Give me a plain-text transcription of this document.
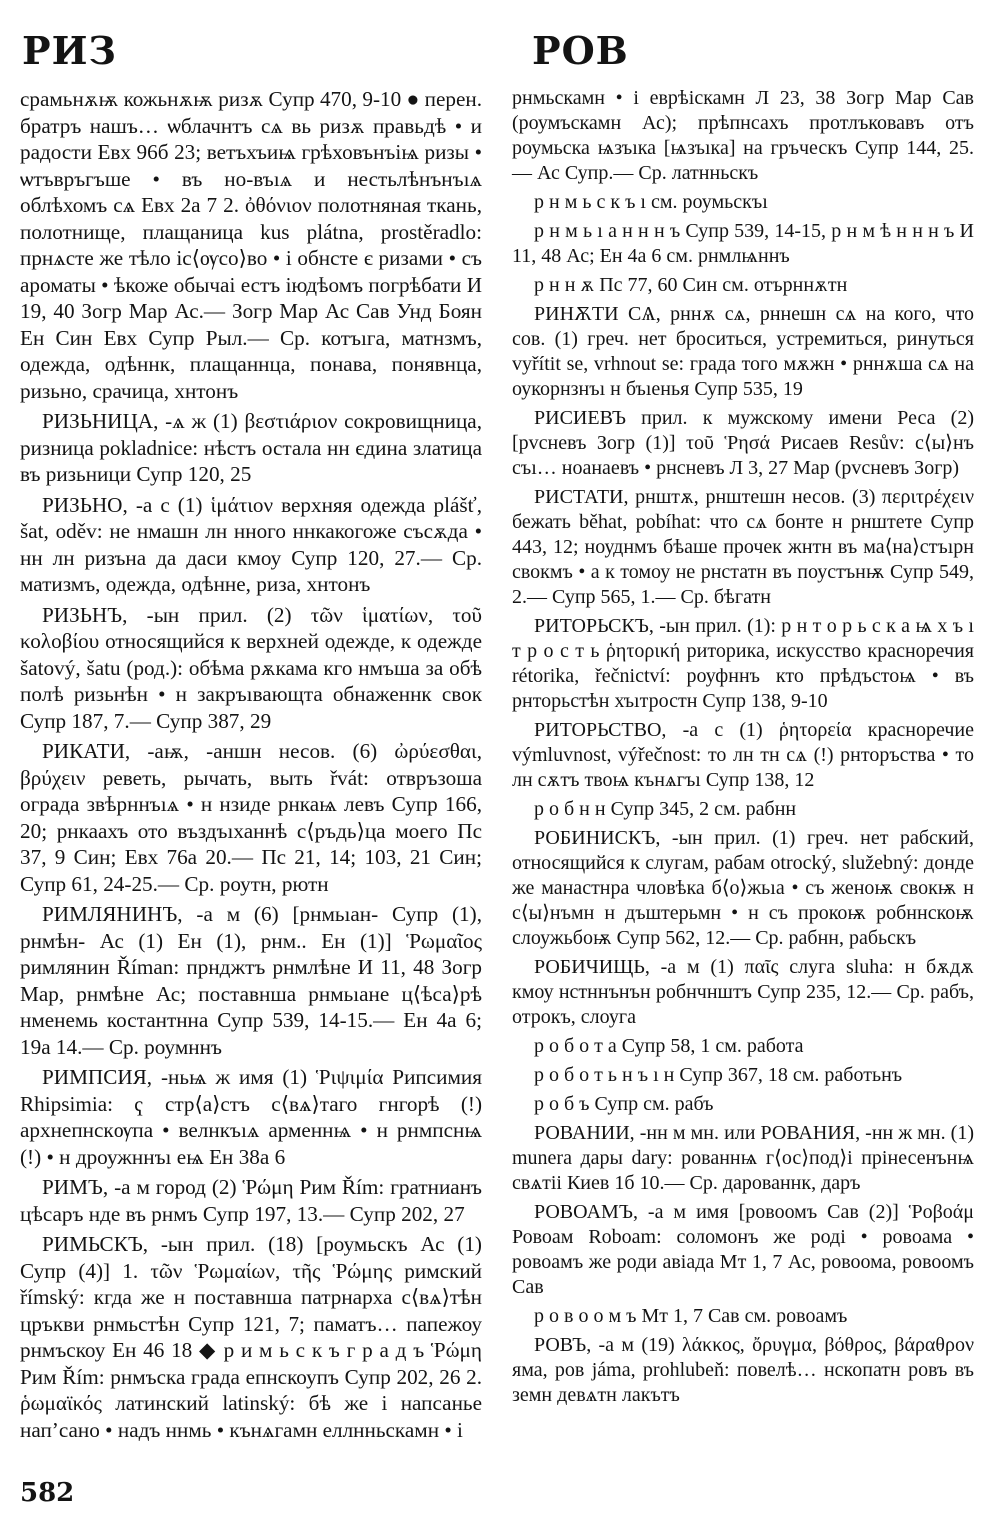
РИЗ	РОВ

срамьнѫѭ кожьнѫѭ ризѫ Супр 470, 9-10 ● перен. братръ нашъ… ѡблачнтъ сѧ вь ризѫ правьдѣ • и радости Евх 96б 23; ветъхъиѩ грѣховънъіѩ ризы • ѡтъвръгъше • въ но-въıѧ и нестьлѣнънъıѧ облѣхомъ сѧ Евх 2а 7 2. ὀθόνιον полотняная ткань, полотнище, плащаница kus plátna, prostěradlo: прнѧсте же тѣло іс⟨ѹсо⟩во • і обнсте є ризами • съ ароматы • ѣкоже обычаі естъ іюдѣомъ погрѣбати И 19, 40 Зогр Мар Ас.— Зогр Мар Ас Сав Унд Боян Ен Син Евх Супр Рыл.— Ср. котъıга, матнзмъ, одежда, одѣннк, плащаннца, понава, понявнца, ризьно, срачица, хнтонъ

РИЗЬНИЦА, -ѧ ж (1) βεστιάριον сокровищница, ризница pokladnice: нѣстъ остала нн єдина златица въ ризьници Супр 120, 25

РИЗЬНО, -а с (1) ἱμάτιον верхняя одежда plášť, šat, oděv: не нмашн лн нного ннкакогоже съсѫда • нн лн ризъна да даси кмоу Супр 120, 27.— Ср. матизмъ, одежда, одѣнне, риза, хнтонъ

РИЗЬНЪ, -ын прил. (2) τῶν ἱματίων, τοῦ κολοβίου относящийся к верхней одежде, к одежде šatový, šatu (род.): обѣма рѫкама кго нмъша за обѣ полѣ ризьнѣн • н закръıвающта обнаженнк свок Супр 187, 7.— Супр 387, 29

РИКАТИ, -аѭ, -аншн несов. (6) ὠρύεσθαι, βρύχειν реветь, рычать, выть řvát: отвръзоша ограда звѣрннъıѧ • н нзиде рнкаѩ левъ Супр 166, 20; рнкаахъ ото въздъıханнѣ с⟨ръдь⟩ца моего Пс 37, 9 Син; Евх 76а 20.— Пс 21, 14; 103, 21 Син; Супр 61, 24-25.— Ср. роутн, рютн

РИМЛЯНИНЪ, -а м (6) [рнмьıан- Супр (1), рнмѣн- Ас (1) Ен (1), рнм.. Ен (1)] Ῥωμαῖος римлянин Říman: прнджтъ рнмлѣне И 11, 48 Зогр Мар, рнмѣне Ас; поставнша рнмьıане ц⟨ѣса⟩рѣ нменемь костантнна Супр 539, 14-15.— Ен 4а 6; 19а 14.— Ср. роумннъ

РИМПСИЯ, -ньѩ ж имя (1) Ῥιψιμία Рипсимия Rhipsimia: ҁ стр⟨а⟩стъ с⟨вѧ⟩таго гнгорѣ (!) архнепнскѹпа • велнкъıѧ арменнѩ • н рнмпснѩ (!) • н дроужннъı еѩ Ен 38а 6

РИМЪ, -а м город (2) Ῥώμη Рим Řím: гратнианъ цѣсаръ нде въ рнмъ Супр 197, 13.— Супр 202, 27

РИМЬСКЪ, -ын прил. (18) [роумьскъ Ас (1) Супр (4)] 1. τῶν Ῥωμαίων, τῆς Ῥώμης римский římský: кгда же н поставнша патрнарха с⟨вѧ⟩тѣн цръкви рнмьстѣн Супр 121, 7; паматъ… папежоу рнмъскоу Ен 46 18 ◆ р и м ь с к ъ г р а д ъ Ῥώμη Рим Řím: рнмъска града епнскоупъ Супр 202, 26 2. ῥωμαϊκός латинский latinský: бѣ же і напсанье нап’сано • надъ ннмь • кънѧгамн еллнньскамн • і

рнмьскамн • і еврѣіскамн Л 23, 38 Зогр Мар Сав (роумъскамн Ас); прѣпнсахъ протлъковавъ отъ роумьска ѩзъıка [ѩзъıка] на гръческъ Супр 144, 25.— Ас Супр.— Ср. латнньскъ

р н м ь с к ъ ı см. роумьскъı

р н м ь ı а н н н ъ Супр 539, 14-15, р н м ѣ н н н ъ И 11, 48 Ас; Ен 4а 6 см. рнмлѩннъ

р н н ѫ Пс 77, 60 Син см. отърннѫтн

РИНѪТИ СѦ, рннѫ сѧ, рннешн сѧ на кого, что сов. (1) греч. нет броситься, устремиться, ринуться vyřítit se, vrhnout se: града того мѫжн • рннѫша сѧ на оукорнзнъı н бъıенья Супр 535, 19

РИСИЕВЪ прил. к мужскому имени Реса (2) [рvсневъ Зогр (1)] τοῦ Ῥησά Рисаев Resův: с⟨ы⟩нъ съı… ноанаевъ • рнсневъ Л 3, 27 Мар (рvсневъ Зогр)

РИСТАТИ, рнштѫ, рнштешн несов. (3) περιτρέχειν бежать běhat, pobíhat: что сѧ бонте н рнштете Супр 443, 12; ноуднмъ бѣаше прочек жнтн въ ма⟨на⟩стъıрн свокмъ • а к томоу не рнстатн въ поустънѭ Супр 549, 2.— Супр 565, 1.— Ср. бѣгатн

РИТОРЬСКЪ, -ын прил. (1): р н т о р ь с к а ѩ х ъ ı т р о с т ь ῥητορική риторика, искусство красноречия rétorika, řečnictví: роуфннъ кто прѣдъстоѩ • въ рнторьстѣн хъıтростн Супр 138, 9-10

РИТОРЬСТВО, -а с (1) ῥητορεία красноречие výmluvnost, výřečnost: то лн тн сѧ (!) рнторъства • то лн сѫтъ твоѩ кънѧгъı Супр 138, 12

р о б н н Супр 345, 2 см. рабнн

РОБИНИСКЪ, -ын прил. (1) греч. нет рабский, относящийся к слугам, рабам otrocký, služebný: донде же манастнра чловѣка б⟨о⟩жьıа • съ женоѭ свокѭ н с⟨ы⟩нъмн н дъштерьмн • н съ прокоѭ робннскоѭ слоужьбоѭ Супр 562, 12.— Ср. рабнн, рабьскъ

РОБИЧИЩЬ, -а м (1) παῖς слуга sluha: н бѫдѫ кмоу нстннънън робнчнштъ Супр 235, 12.— Ср. рабъ, отрокъ, слоуга

р о б о т а Супр 58, 1 см. работа

р о б о т ь н ъ ı н Супр 367, 18 см. работьнъ

р о б ъ Супр см. рабъ

РОВАНИИ, -нн м мн. или РОВАНИЯ, -нн ж мн. (1) munera дары dary: рованнѩ г⟨ос⟩под⟩і прінесенънѩ свѧтіі Киев 1б 10.— Ср. дарованнк, даръ

РОВОАМЪ, -а м имя [ровоомъ Сав (2)] Ῥοβοάμ Ровоам Roboam: соломонъ же роді • ровоама • ровоамъ же роди авіада Мт 1, 7 Ас, ровоома, ровоомъ Сав

р о в о о м ъ Мт 1, 7 Сав см. ровоамъ

РОВЪ, -а м (19) λάκκος, ὄρυγμα, βόθρος, βάραθρον яма, ров jáma, prohlubeň: повелѣ… нскопатн ровъ въ земн девѧтн лакътъ

582
